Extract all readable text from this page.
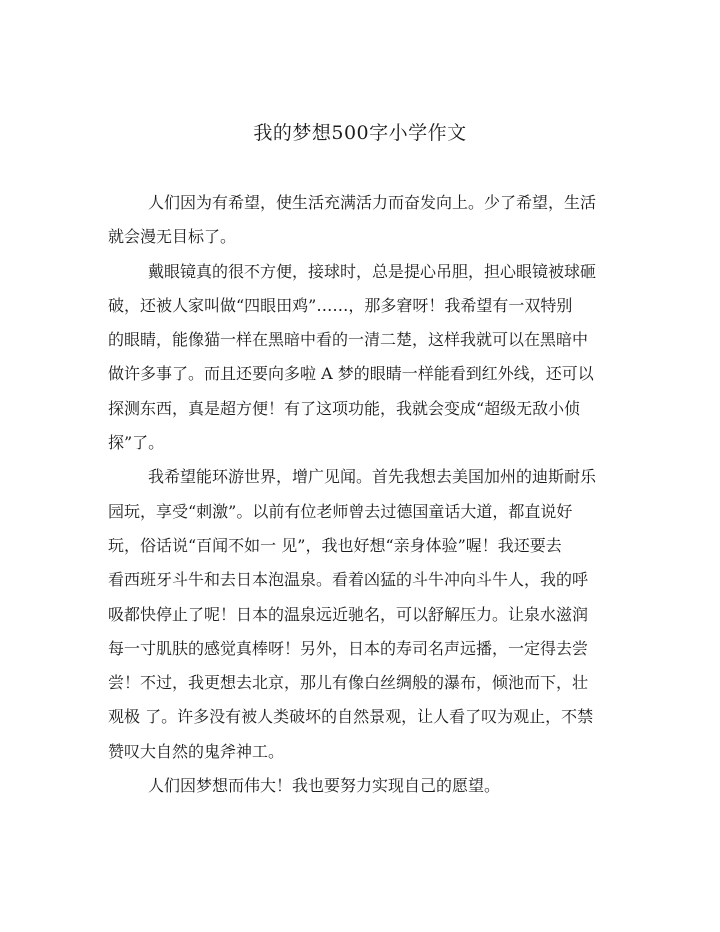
我的梦想500字小学作文

人们因为有希望，使生活充满活力而奋发向上。少了希望，生活
就会漫无目标了。

戴眼镜真的很不方便，接球时，总是提心吊胆，担心眼镜被球砸
破，还被人家叫做“四眼田鸡”……，那多窘呀！我希望有一双特别
的眼睛，能像猫一样在黑暗中看的一清二楚，这样我就可以在黑暗中
做许多事了。而且还要向多啦 A 梦的眼睛一样能看到红外线，还可以
探测东西，真是超方便！有了这项功能，我就会变成“超级无敌小侦
探”了。

我希望能环游世界，增广见闻。首先我想去美国加州的迪斯耐乐
园玩，享受“刺激”。以前有位老师曾去过德国童话大道，都直说好
玩，俗话说“百闻不如一 见”，我也好想“亲身体验”喔！我还要去
看西班牙斗牛和去日本泡温泉。看着凶猛的斗牛冲向斗牛人，我的呼
吸都快停止了呢！日本的温泉远近驰名，可以舒解压力。让泉水滋润
每一寸肌肤的感觉真棒呀！另外，日本的寿司名声远播，一定得去尝
尝！不过，我更想去北京，那儿有像白丝绸般的瀑布，倾池而下，壮
观极 了。许多没有被人类破坏的自然景观，让人看了叹为观止，不禁
赞叹大自然的鬼斧神工。

人们因梦想而伟大！我也要努力实现自己的愿望。
